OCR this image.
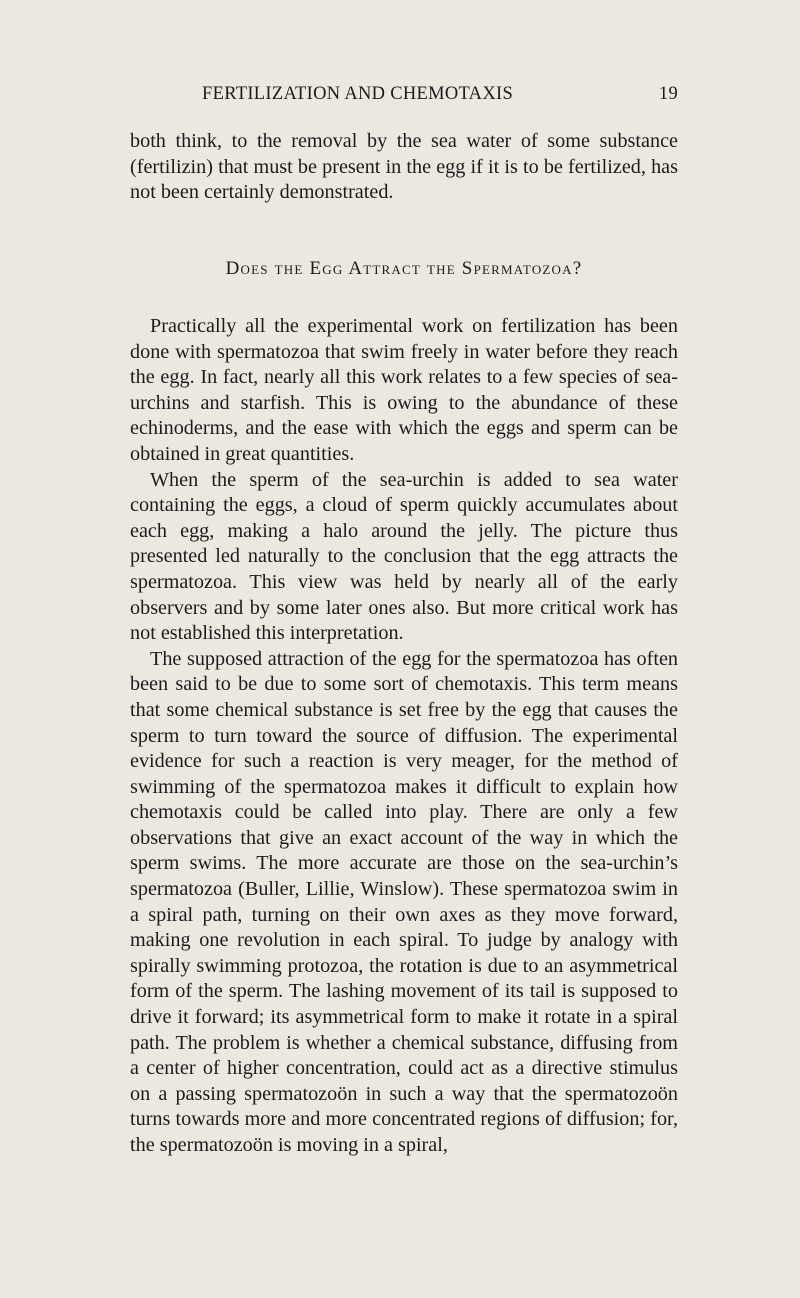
FERTILIZATION AND CHEMOTAXIS	19

both think, to the removal by the sea water of some substance (fertilizin) that must be present in the egg if it is to be fertilized, has not been certainly demonstrated.

Does the Egg Attract the Spermatozoa?

Practically all the experimental work on fertilization has been done with spermatozoa that swim freely in water before they reach the egg. In fact, nearly all this work relates to a few species of sea-urchins and starfish. This is owing to the abundance of these echinoderms, and the ease with which the eggs and sperm can be obtained in great quantities.

When the sperm of the sea-urchin is added to sea water containing the eggs, a cloud of sperm quickly accumulates about each egg, making a halo around the jelly. The picture thus presented led naturally to the conclusion that the egg attracts the spermatozoa. This view was held by nearly all of the early observers and by some later ones also. But more critical work has not established this interpretation.

The supposed attraction of the egg for the spermatozoa has often been said to be due to some sort of chemotaxis. This term means that some chemical substance is set free by the egg that causes the sperm to turn toward the source of diffusion. The experimental evidence for such a reaction is very meager, for the method of swimming of the spermatozoa makes it difficult to explain how chemotaxis could be called into play. There are only a few observations that give an exact account of the way in which the sperm swims. The more accurate are those on the sea-urchin’s spermatozoa (Buller, Lillie, Winslow). These spermatozoa swim in a spiral path, turning on their own axes as they move forward, making one revolution in each spiral. To judge by analogy with spirally swimming protozoa, the rotation is due to an asymmetrical form of the sperm. The lashing movement of its tail is supposed to drive it forward; its asymmetrical form to make it rotate in a spiral path. The problem is whether a chemical substance, diffusing from a center of higher concentration, could act as a directive stimulus on a passing spermatozoön in such a way that the spermatozoön turns towards more and more concentrated regions of diffusion; for, the spermatozoön is moving in a spiral,
